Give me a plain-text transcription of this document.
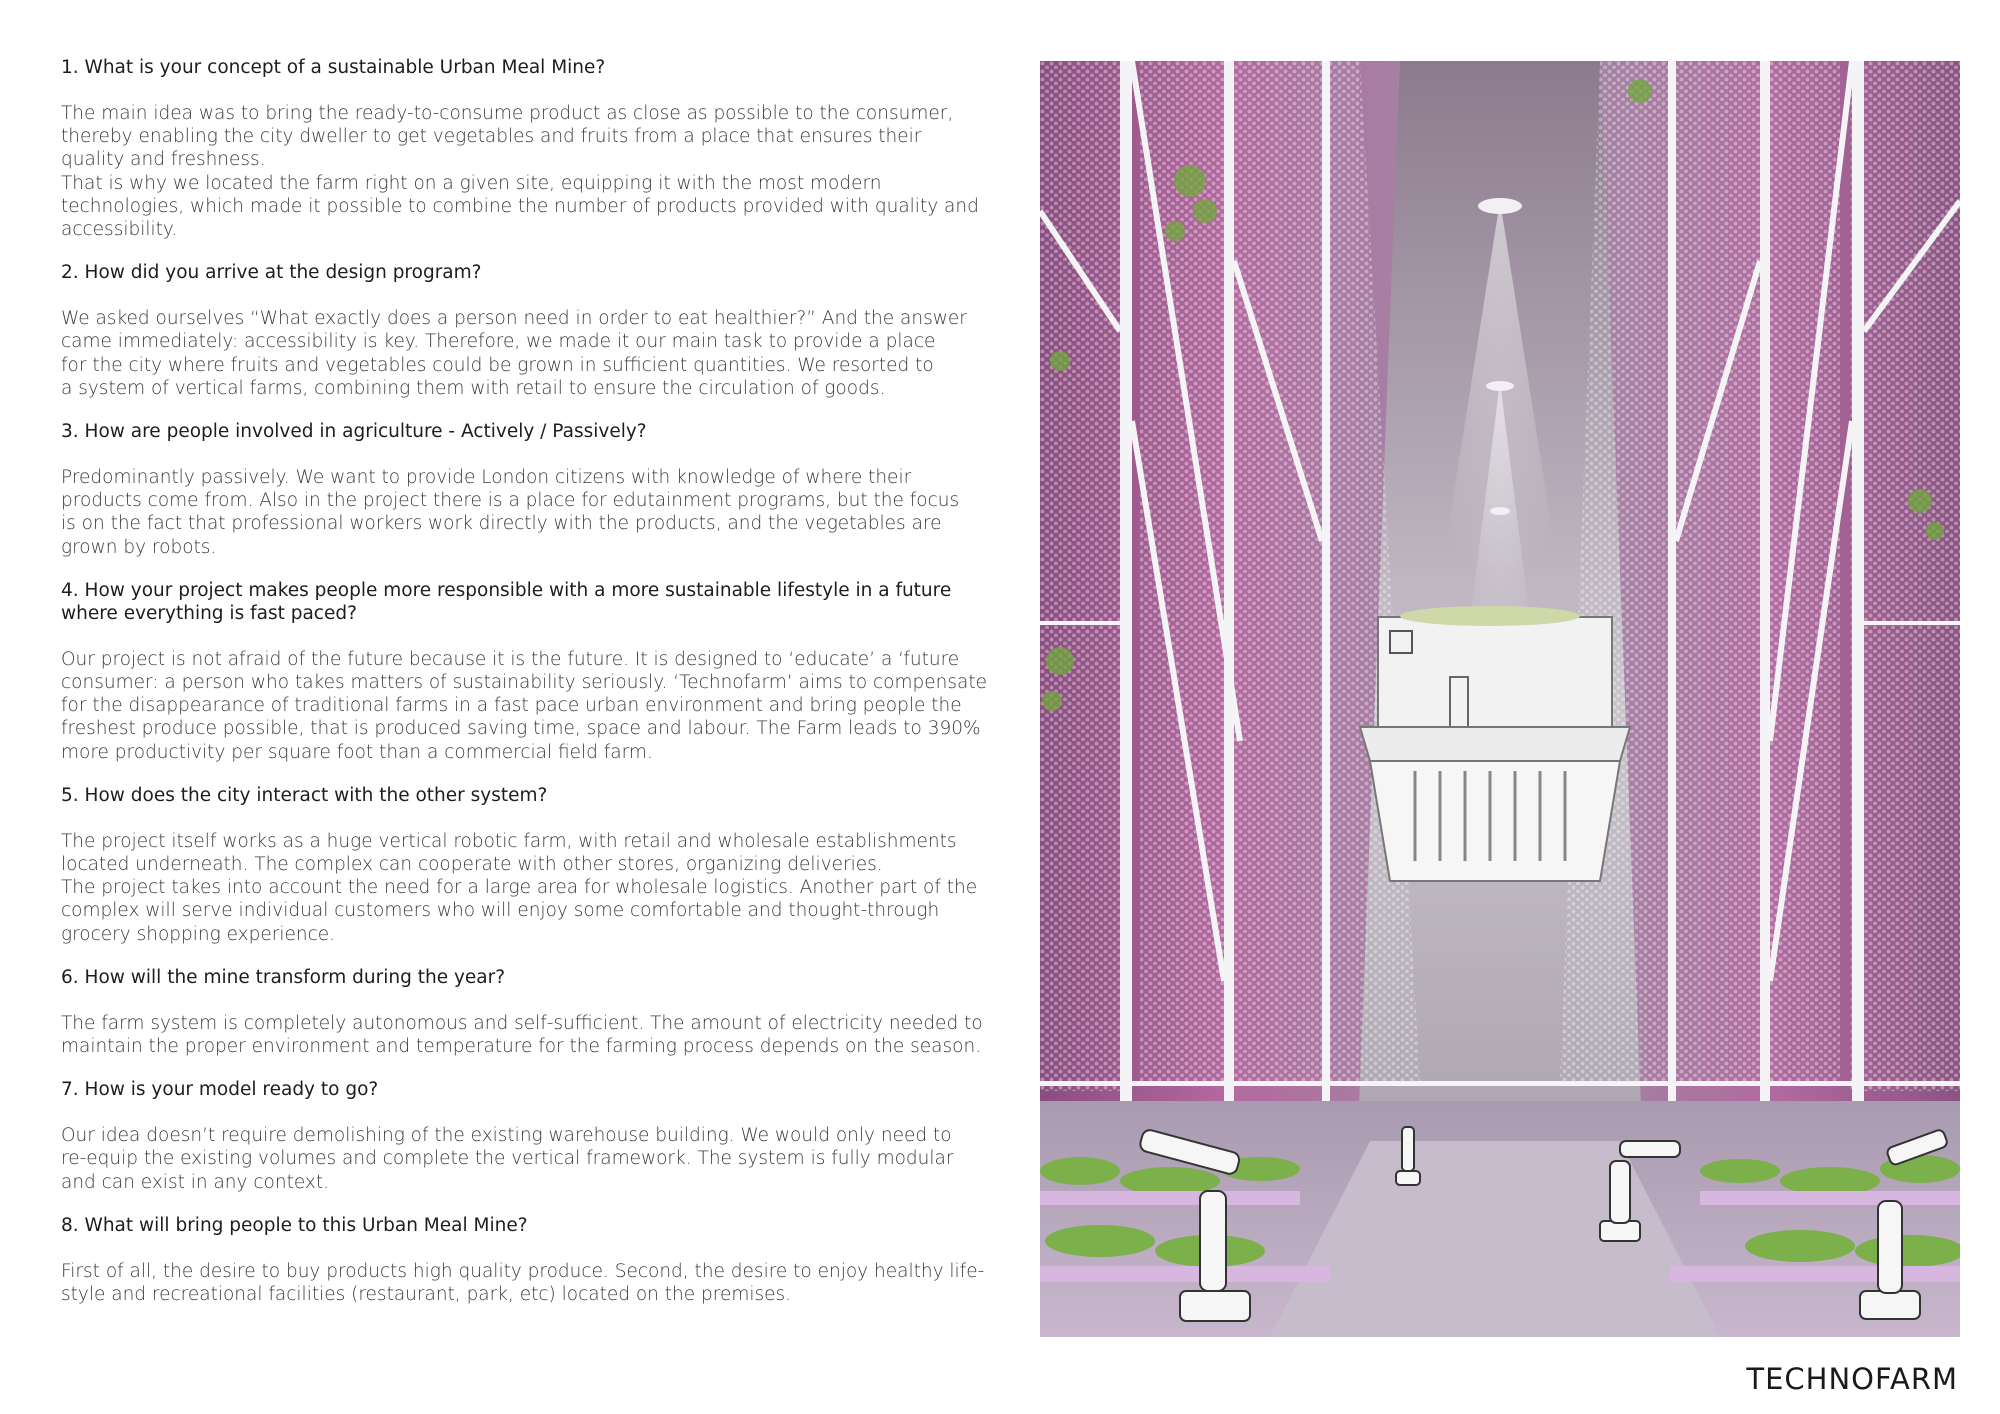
1. What is your concept of a sustainable Urban Meal Mine?

The main idea was to bring the ready-to-consume product as close as possible to the consumer,
thereby enabling the city dweller to get vegetables and fruits from a place that ensures their
quality and freshness.
That is why we located the farm right on a given site, equipping it with the most modern
technologies, which made it possible to combine the number of products provided with quality and
accessibility.

2. How did you arrive at the design program?

We asked ourselves “What exactly does a person need in order to eat healthier?” And the answer
came immediately: accessibility is key. Therefore, we made it our main task to provide a place
for the city where fruits and vegetables could be grown in sufficient quantities. We resorted to
a system of vertical farms, combining them with retail to ensure the circulation of goods.

3. How are people involved in agriculture - Actively / Passively?

Predominantly passively. We want to provide London citizens with knowledge of where their
products come from. Also in the project there is a place for edutainment programs, but the focus
is on the fact that professional workers work directly with the products, and the vegetables are
grown by robots.

4. How your project makes people more responsible with a more sustainable lifestyle in a future
where everything is fast paced?

Our project is not afraid of the future because it is the future. It is designed to ‘educate’ a ‘future
consumer: a person who takes matters of sustainability seriously. ‘Technofarm’ aims to compensate
for the disappearance of traditional farms in a fast pace urban environment and bring people the
freshest produce possible, that is produced saving time, space and labour. The Farm leads to 390%
more productivity per square foot than a commercial field farm.

5. How does the city interact with the other system?

The project itself works as a huge vertical robotic farm, with retail and wholesale establishments
located underneath. The complex can cooperate with other stores, organizing deliveries.
The project takes into account the need for a large area for wholesale logistics. Another part of the
complex will serve individual customers who will enjoy some comfortable and thought-through
grocery shopping experience.

6. How will the mine transform during the year?

The farm system is completely autonomous and self-sufficient. The amount of electricity needed to
maintain the proper environment and temperature for the farming process depends on the season.

7. How is your model ready to go?

Our idea doesn’t require demolishing of the existing warehouse building. We would only need to
re-equip the existing volumes and complete the vertical framework. The system is fully modular
and can exist in any context.

8. What will bring people to this Urban Meal Mine?

First of all, the desire to buy products high quality produce. Second, the desire to enjoy healthy life-
style and recreational facilities (restaurant, park, etc) located on the premises.

TECHNOFARM
